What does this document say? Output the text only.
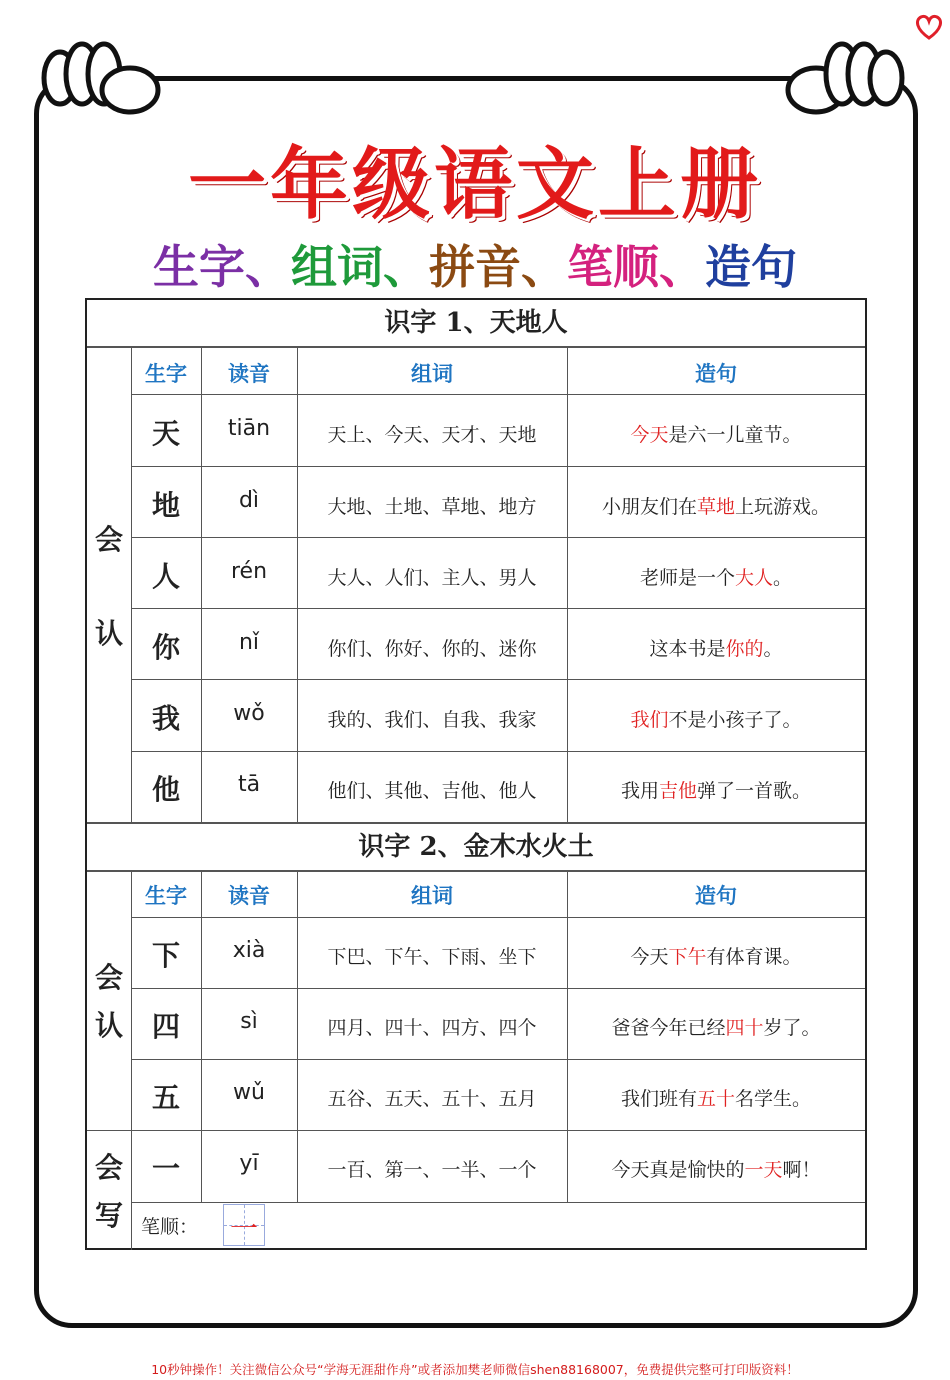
一年级语文上册
生字、组词、拼音、笔顺、造句
识字 1、天地人
生字	读音	组词	造句
会
认
天	tiān	天上、今天、天才、天地	今天是六一儿童节。
地	dì	大地、土地、草地、地方	小朋友们在草地上玩游戏。
人	rén	大人、人们、主人、男人	老师是一个大人。
你	nǐ	你们、你好、你的、迷你	这本书是你的。
我	wǒ	我的、我们、自我、我家	我们不是小孩子了。
他	tā	他们、其他、吉他、他人	我用吉他弹了一首歌。
识字 2、金木水火土
生字	读音	组词	造句
会
认
会
写
下	xià	下巴、下午、下雨、坐下	今天下午有体育课。
四	sì	四月、四十、四方、四个	爸爸今年已经四十岁了。
五	wǔ	五谷、五天、五十、五月	我们班有五十名学生。
一	yī	一百、第一、一半、一个	今天真是愉快的一天啊！
笔顺： 一
10秒钟操作！关注微信公众号“学海无涯甜作舟”或者添加樊老师微信shen88168007，免费提供完整可打印版资料！
